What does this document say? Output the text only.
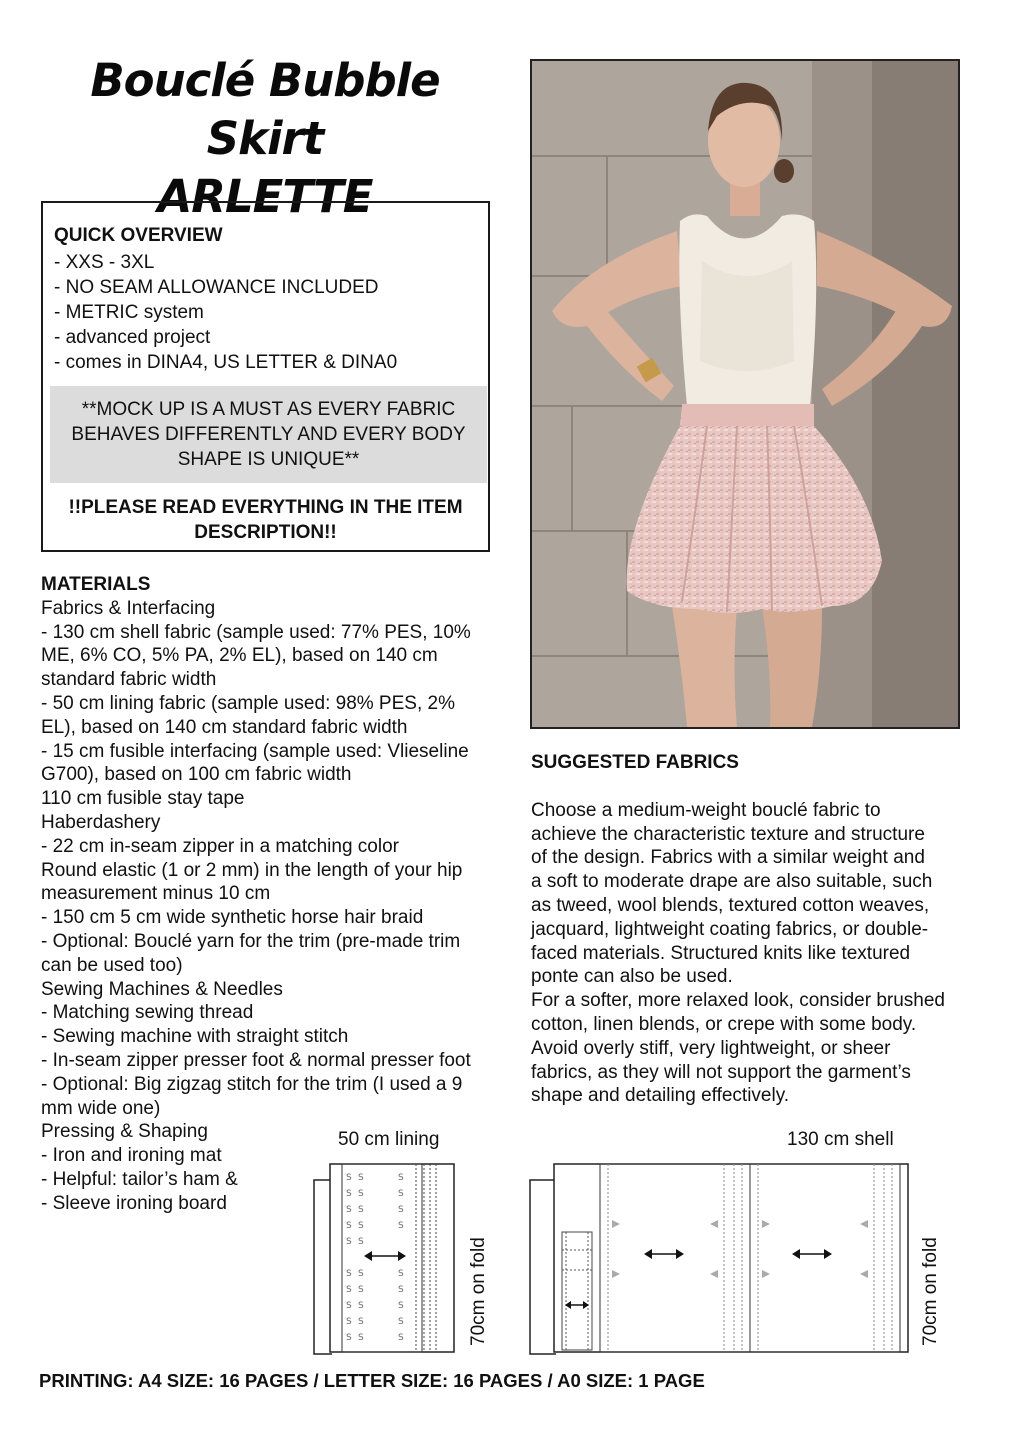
Bouclé Bubble Skirt
ARLETTE
QUICK OVERVIEW
- XXS - 3XL
- NO SEAM ALLOWANCE INCLUDED
- METRIC system
- advanced project
- comes in DINA4, US LETTER & DINA0
**MOCK UP IS A MUST AS EVERY FABRIC
BEHAVES DIFFERENTLY AND EVERY BODY
SHAPE IS UNIQUE**
!!PLEASE READ EVERYTHING IN THE ITEM
DESCRIPTION!!
MATERIALS
Fabrics & Interfacing
- 130 cm shell fabric (sample used: 77% PES, 10%
ME, 6% CO, 5% PA, 2% EL), based on 140 cm
standard fabric width
- 50 cm lining fabric (sample used: 98% PES, 2%
EL), based on 140 cm standard fabric width
- 15 cm fusible interfacing (sample used: Vlieseline
G700), based on 100 cm fabric width
110 cm fusible stay tape
Haberdashery
- 22 cm in-seam zipper in a matching color
Round elastic (1 or 2 mm) in the length of your hip
measurement minus 10 cm
- 150 cm 5 cm wide synthetic horse hair braid
- Optional: Bouclé yarn for the trim (pre-made trim
can be used too)
Sewing Machines & Needles
- Matching sewing thread
- Sewing machine with straight stitch
- In-seam zipper presser foot & normal presser foot
- Optional: Big zigzag stitch for the trim (I used a 9
mm wide one)
Pressing & Shaping
- Iron and ironing mat
- Helpful: tailor’s ham &
- Sleeve ironing board
SUGGESTED FABRICS

Choose a medium-weight bouclé fabric to
achieve the characteristic texture and structure
of the design. Fabrics with a similar weight and
a soft to moderate drape are also suitable, such
as tweed, wool blends, textured cotton weaves,
jacquard, lightweight coating fabrics, or double-
faced materials. Structured knits like textured
ponte can also be used.

For a softer, more relaxed look, consider brushed
cotton, linen blends, or crepe with some body.
Avoid overly stiff, very lightweight, or sheer
fabrics, as they will not support the garment’s
shape and detailing effectively.

50 cm lining
S
S
S
S
S
S
S
S
S
S
S
S
S
S
S
S
S
S
S
S
S
S
S
S
S
S
S
S
S	70cm on fold
130 cm shell
70cm on fold
PRINTING: A4 SIZE: 16 PAGES / LETTER SIZE: 16 PAGES / A0 SIZE: 1 PAGE
